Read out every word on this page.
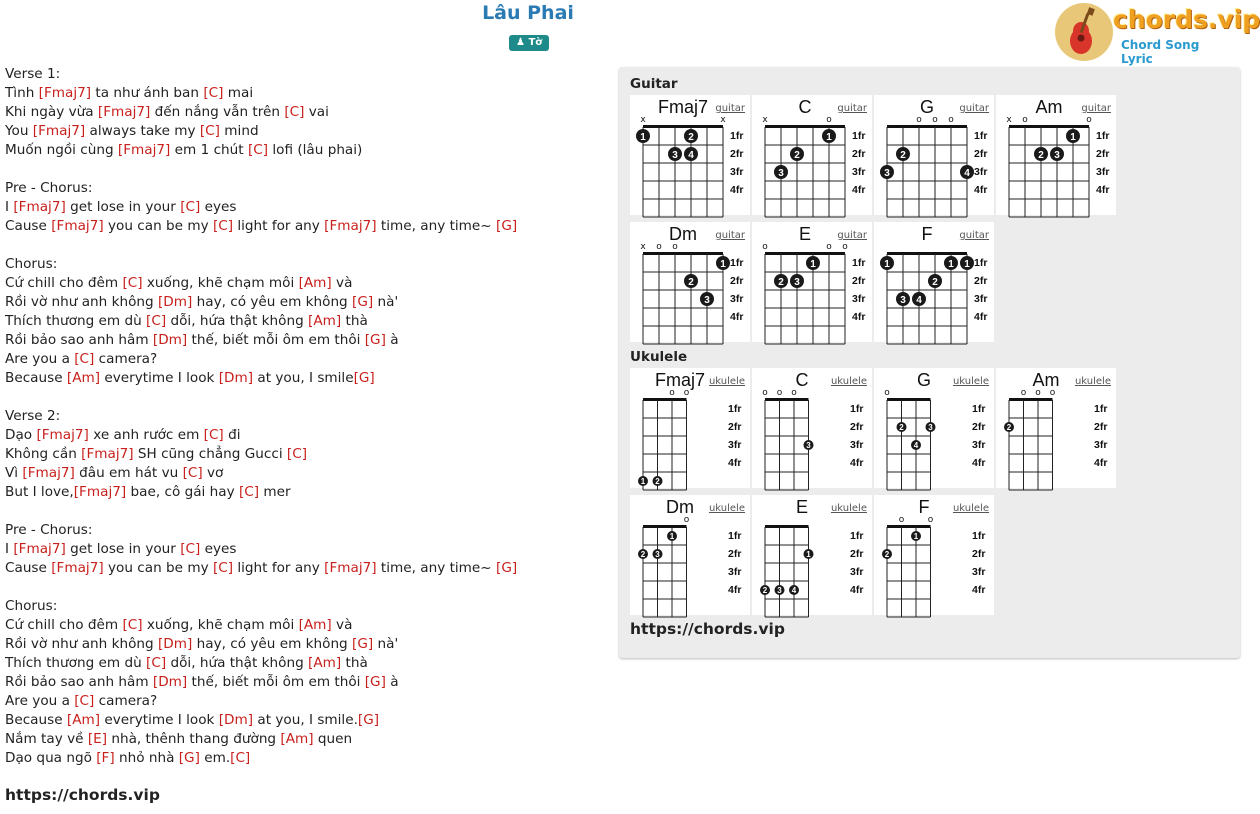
Lâu Phai
♟ Tờ
chords.vip
Chord Song Lyric
Verse 1:
Tình [Fmaj7] ta như ánh ban [C] mai
Khi ngày vừa [Fmaj7] đến nắng vẫn trên [C] vai
You [Fmaj7] always take my [C] mind
Muốn ngồi cùng [Fmaj7] em 1 chút [C] lofi (lâu phai)
Pre - Chorus:
I [Fmaj7] get lose in your [C] eyes
Cause [Fmaj7] you can be my [C] light for any [Fmaj7] time, any time~ [G]
Chorus:
Cứ chill cho đêm [C] xuống, khẽ chạm môi [Am] và
Rồi vờ như anh không [Dm] hay, có yêu em không [G] nà'
Thích thương em dù [C] dỗi, hứa thật không [Am] thà
Rồi bảo sao anh hâm [Dm] thế, biết mỗi ôm em thôi [G] à
Are you a [C] camera?
Because [Am] everytime I look [Dm] at you, I smile[G]
Verse 2:
Dạo [Fmaj7] xe anh rước em [C] đi
Không cần [Fmaj7] SH cũng chẳng Gucci [C]
Vì [Fmaj7] đâu em hát vu [C] vơ
But I love,[Fmaj7] bae, cô gái hay [C] mer
Pre - Chorus:
I [Fmaj7] get lose in your [C] eyes
Cause [Fmaj7] you can be my [C] light for any [Fmaj7] time, any time~ [G]
Chorus:
Cứ chill cho đêm [C] xuống, khẽ chạm môi [Am] và
Rồi vờ như anh không [Dm] hay, có yêu em không [G] nà'
Thích thương em dù [C] dỗi, hứa thật không [Am] thà
Rồi bảo sao anh hâm [Dm] thế, biết mỗi ôm em thôi [G] à
Are you a [C] camera?
Because [Am] everytime I look [Dm] at you, I smile.[G]
Nắm tay về [E] nhà, thênh thang đường [Am] quen
Dạo qua ngõ [F] nhỏ nhà [G] em.[C]
https://chords.vip
Guitar
Ukulele
https://chords.vip
Fmaj7 guitar
1fr
2fr
3fr
4fr
x	x
1	2
3 4
C	guitar
1fr
2fr
3fr
4fr
x	o
1
2
3
G	guitar
1fr
2fr
3fr
4fr
o o o
2
3	4
Am guitar
1fr
2fr
3fr
4fr
x o	o
1
2 3
Dm guitar
1fr
2fr
3fr
4fr
x o o
1
2
3
E	guitar
1fr
2fr
3fr
4fr
o	o o
1
2 3
F	guitar
1fr
2fr
3fr
4fr
1	1 1
2
3 4
Fmaj7 ukulele
1fr
2fr
3fr
4fr
o o
1 2
C ukulele
1fr
2fr
3fr
4fr
o o o
3
G ukulele
1fr
2fr
3fr
4fr
o
2	3
4
Am ukulele
1fr
2fr
3fr
4fr
o o o
2
Dm ukulele
1fr
2fr
3fr
4fr
o
1
2 3
E ukulele
1fr
2fr
3fr
4fr
1
2 3 4
F ukulele
1fr
2fr
3fr
4fr
o	o
1
2
